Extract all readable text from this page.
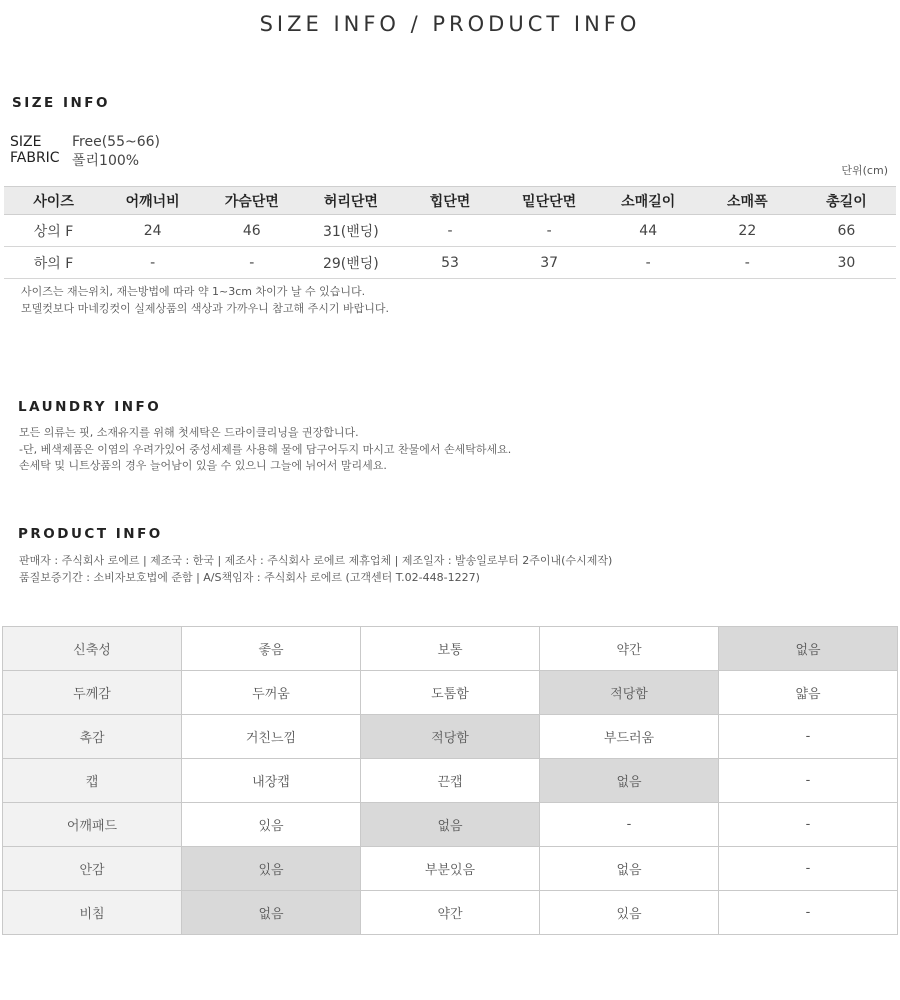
SIZE INFO / PRODUCT INFO
SIZE INFO
SIZE Free(55~66)
FABRIC 폴리100%
단위(cm)
사이즈	어깨너비	가슴단면	허리단면	힙단면	밑단단면	소매길이	소매폭	총길이
상의 F	24	46	31(밴딩)	-	-	44	22	66
하의 F	-	-	29(밴딩)	53	37	-	-	30
사이즈는 재는위치, 재는방법에 따라 약 1~3cm 차이가 날 수 있습니다.
모델컷보다 마네킹컷이 실제상품의 색상과 가까우니 참고해 주시기 바랍니다.
LAUNDRY INFO
모든 의류는 핏, 소재유지를 위해 첫세탁은 드라이클리닝을 권장합니다.
-단, 베색제품은 이염의 우려가있어 중성세제를 사용해 물에 담구어두지 마시고 찬물에서 손세탁하세요.
손세탁 및 니트상품의 경우 늘어남이 있을 수 있으니 그늘에 뉘어서 말리세요.
PRODUCT INFO
판매자 : 주식회사 로에르 | 제조국 : 한국 | 제조사 : 주식회사 로에르 제휴업체 | 제조일자 : 발송일로부터 2주이내(수시제작)
품질보증기간 : 소비자보호법에 준함 | A/S책임자 : 주식회사 로에르 (고객센터 T.02-448-1227)
신축성	좋음	보통	약간	없음
두께감	두꺼움	도톰함	적당함	얇음
촉감	거친느낌	적당함	부드러움	-
캡	내장캡	끈캡	없음	-
어깨패드	있음	없음	-	-
안감	있음	부분있음	없음	-
비침	없음	약간	있음	-
